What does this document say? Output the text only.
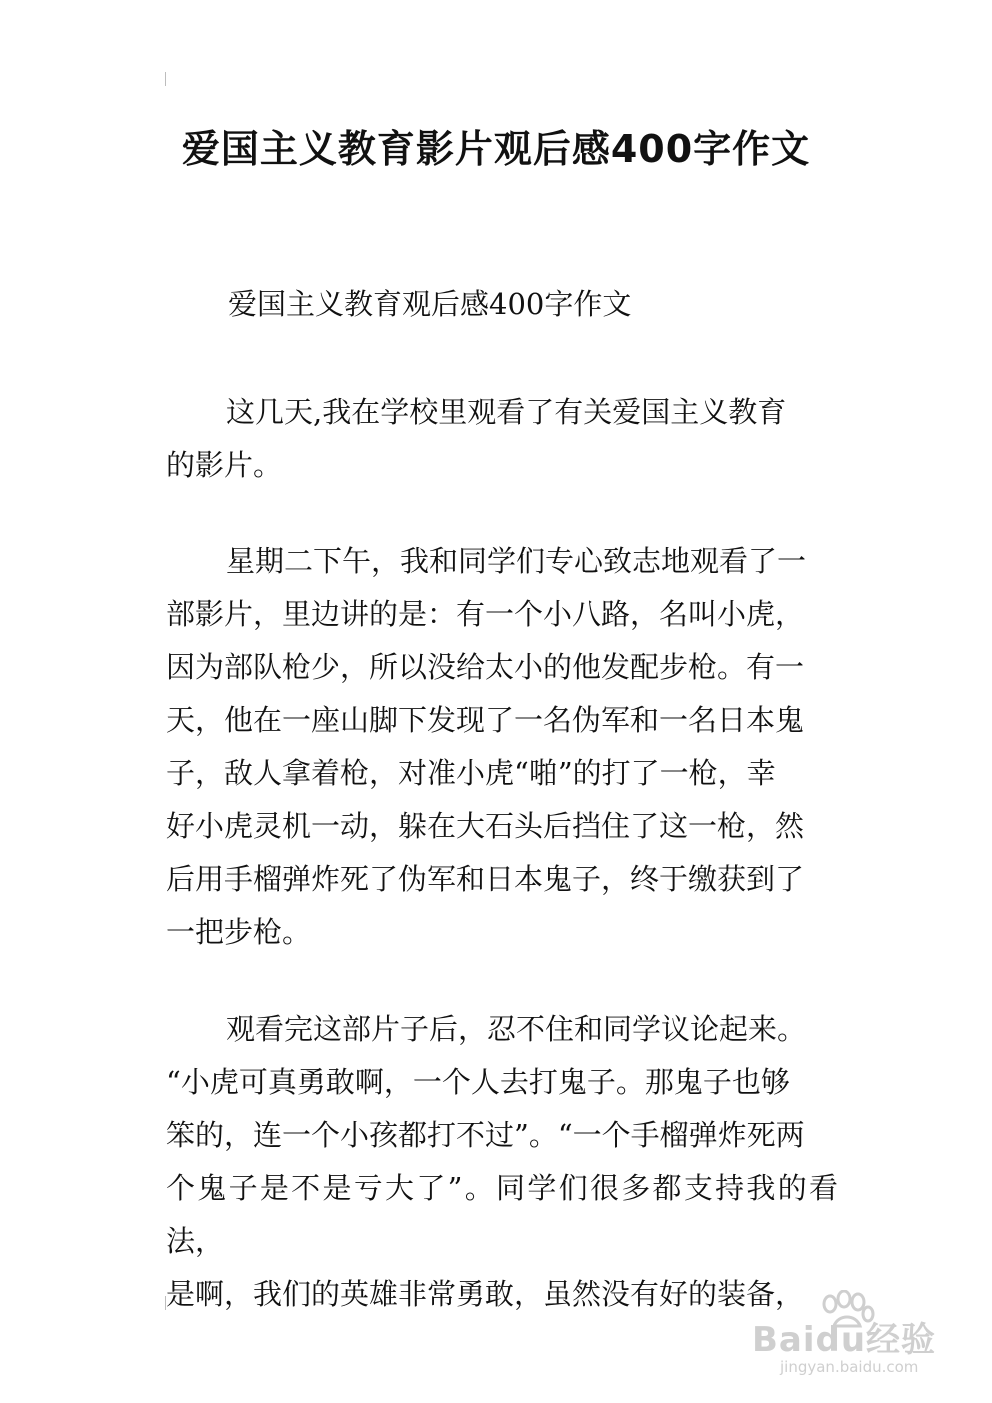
爱国主义教育影片观后感400字作文
爱国主义教育观后感400字作文
这几天,我在学校里观看了有关爱国主义教育
的影片。
星期二下午，我和同学们专心致志地观看了一
部影片，里边讲的是：有一个小八路，名叫小虎，
因为部队枪少，所以没给太小的他发配步枪。有一
天，他在一座山脚下发现了一名伪军和一名日本鬼
子，敌人拿着枪，对准小虎“啪”的打了一枪，幸
好小虎灵机一动，躲在大石头后挡住了这一枪，然
后用手榴弹炸死了伪军和日本鬼子，终于缴获到了
一把步枪。
观看完这部片子后，忍不住和同学议论起来。
“小虎可真勇敢啊，一个人去打鬼子。那鬼子也够
笨的，连一个小孩都打不过”。“一个手榴弹炸死两
个鬼子是不是亏大了”。同学们很多都支持我的看法，
是啊，我们的英雄非常勇敢，虽然没有好的装备，
Baidu经验
jingyan.baidu.com
